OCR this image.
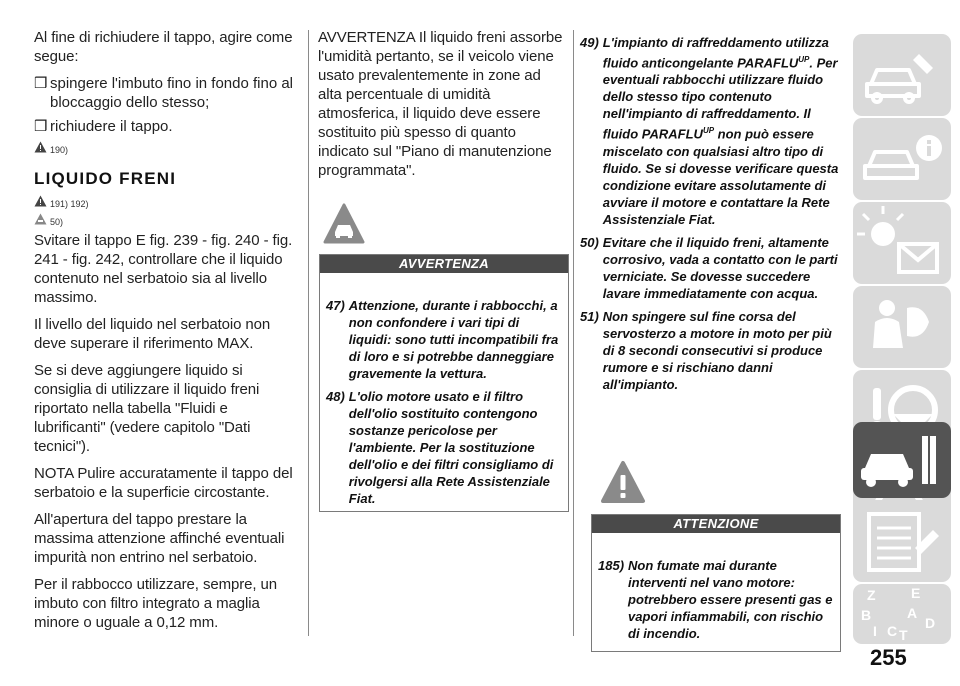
Al fine di richiudere il tappo, agire come segue:

❒ spingere l'imbuto fino in fondo fino al bloccaggio dello stesso;
❒ richiudere il tappo.
190)
LIQUIDO FRENI
191) 192)
50)

Svitare il tappo E fig. 239 - fig. 240 - fig. 241 - fig. 242, controllare che il liquido contenuto nel serbatoio sia al livello massimo.

Il livello del liquido nel serbatoio non deve superare il riferimento MAX.

Se si deve aggiungere liquido si consiglia di utilizzare il liquido freni riportato nella tabella "Fluidi e lubrificanti" (vedere capitolo "Dati tecnici").

NOTA Pulire accuratamente il tappo del serbatoio e la superficie circostante.

All'apertura del tappo prestare la massima attenzione affinché eventuali impurità non entrino nel serbatoio.

Per il rabbocco utilizzare, sempre, un imbuto con filtro integrato a maglia minore o uguale a 0,12 mm.

AVVERTENZA Il liquido freni assorbe l'umidità pertanto, se il veicolo viene usato prevalentemente in zone ad alta percentuale di umidità atmosferica, il liquido deve essere sostituito più spesso di quanto indicato sul "Piano di manutenzione programmata".

AVVERTENZA
47) Attenzione, durante i rabbocchi, a non confondere i vari tipi di liquidi: sono tutti incompatibili fra di loro e si potrebbe danneggiare gravemente la vettura.
48) L'olio motore usato e il filtro dell'olio sostituito contengono sostanze pericolose per l'ambiente. Per la sostituzione dell'olio e dei filtri consigliamo di rivolgersi alla Rete Assistenziale Fiat.
49) L'impianto di raffreddamento utilizza fluido anticongelante $PARAFLU^{UP}$. Per eventuali rabbocchi utilizzare fluido dello stesso tipo contenuto nell'impianto di raffreddamento. Il fluido $PARAFLU^{UP}$ non può essere miscelato con qualsiasi altro tipo di fluido. Se si dovesse verificare questa condizione evitare assolutamente di avviare il motore e contattare la Rete Assistenziale Fiat.
50) Evitare che il liquido freni, altamente corrosivo, vada a contatto con le parti verniciate. Se dovesse succedere lavare immediatamente con acqua.
51) Non spingere sul fine corsa del servosterzo a motore in moto per più di 8 secondi consecutivi si produce rumore e si rischiano danni all'impianto.
ATTENZIONE
185) Non fumate mai durante interventi nel vano motore: potrebbero essere presenti gas e vapori infiammabili, con rischio di incendio.
Z	E
B	A
I C T
D
255
